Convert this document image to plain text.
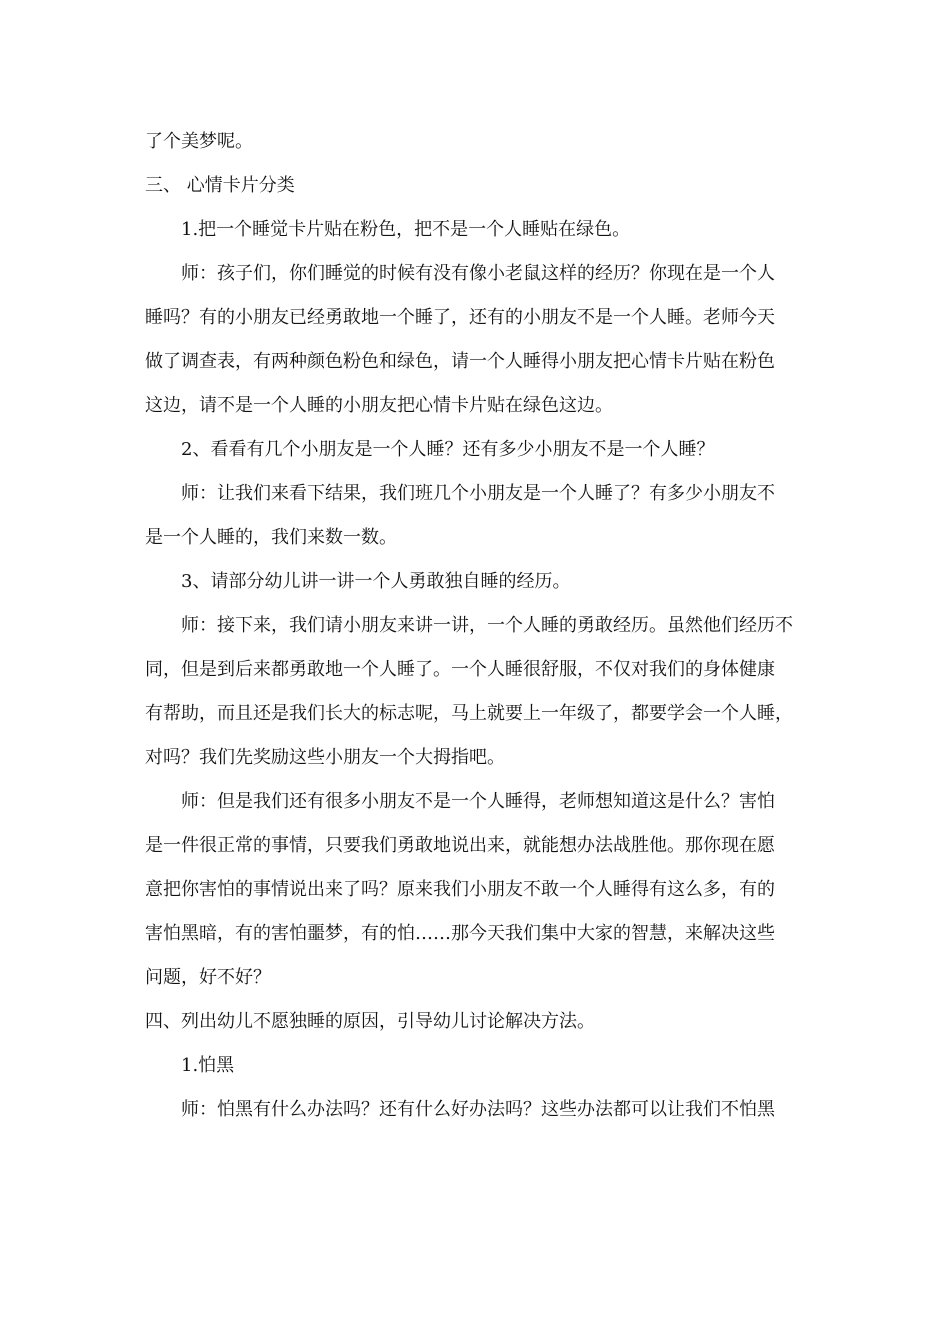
了个美梦呢。
三、 心情卡片分类
1.把一个睡觉卡片贴在粉色，把不是一个人睡贴在绿色。
师：孩子们，你们睡觉的时候有没有像小老鼠这样的经历？你现在是一个人
睡吗？有的小朋友已经勇敢地一个睡了，还有的小朋友不是一个人睡。老师今天
做了调查表，有两种颜色粉色和绿色，请一个人睡得小朋友把心情卡片贴在粉色
这边，请不是一个人睡的小朋友把心情卡片贴在绿色这边。
2、看看有几个小朋友是一个人睡？还有多少小朋友不是一个人睡？
师：让我们来看下结果，我们班几个小朋友是一个人睡了？有多少小朋友不
是一个人睡的，我们来数一数。
3、请部分幼儿讲一讲一个人勇敢独自睡的经历。
师：接下来，我们请小朋友来讲一讲，一个人睡的勇敢经历。虽然他们经历不
同，但是到后来都勇敢地一个人睡了。一个人睡很舒服，不仅对我们的身体健康
有帮助，而且还是我们长大的标志呢，马上就要上一年级了，都要学会一个人睡，
对吗？我们先奖励这些小朋友一个大拇指吧。
师：但是我们还有很多小朋友不是一个人睡得，老师想知道这是什么？害怕
是一件很正常的事情，只要我们勇敢地说出来，就能想办法战胜他。那你现在愿
意把你害怕的事情说出来了吗？原来我们小朋友不敢一个人睡得有这么多，有的
害怕黑暗，有的害怕噩梦，有的怕……那今天我们集中大家的智慧，来解决这些
问题，好不好？
四、列出幼儿不愿独睡的原因，引导幼儿讨论解决方法。
1.怕黑
师：怕黑有什么办法吗？还有什么好办法吗？这些办法都可以让我们不怕黑
